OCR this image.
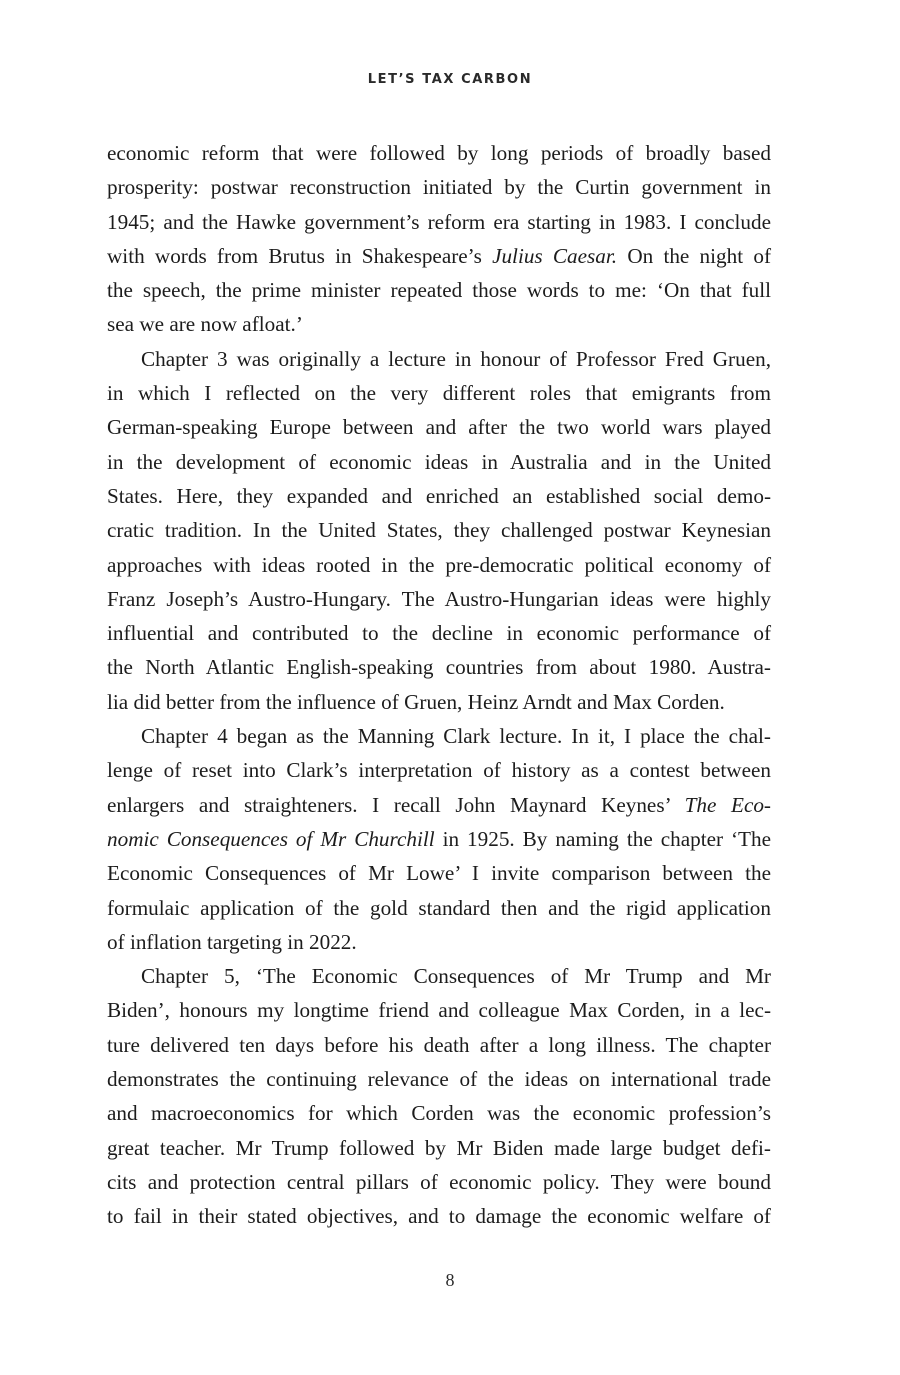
LET’S TAX CARBON

economic reform that were followed by long periods of broadly based
prosperity: postwar reconstruction initiated by the Curtin government in
1945; and the Hawke government’s reform era starting in 1983. I conclude
with words from Brutus in Shakespeare’s Julius Caesar. On the night of
the speech, the prime minister repeated those words to me: ‘On that full
sea we are now afloat.’

Chapter 3 was originally a lecture in honour of Professor Fred Gruen,
in which I reflected on the very different roles that emigrants from
German-speaking Europe between and after the two world wars played
in the development of economic ideas in Australia and in the United
States. Here, they expanded and enriched an established social demo-
cratic tradition. In the United States, they challenged postwar Keynesian
approaches with ideas rooted in the pre-democratic political economy of
Franz Joseph’s Austro-Hungary. The Austro-Hungarian ideas were highly
influential and contributed to the decline in economic performance of
the North Atlantic English-speaking countries from about 1980. Austra-
lia did better from the influence of Gruen, Heinz Arndt and Max Corden.

Chapter 4 began as the Manning Clark lecture. In it, I place the chal-
lenge of reset into Clark’s interpretation of history as a contest between
enlargers and straighteners. I recall John Maynard Keynes’ The Eco-
nomic Consequences of Mr Churchill in 1925. By naming the chapter ‘The
Economic Consequences of Mr Lowe’ I invite comparison between the
formulaic application of the gold standard then and the rigid application
of inflation targeting in 2022.

Chapter 5, ‘The Economic Consequences of Mr Trump and Mr
Biden’, honours my longtime friend and colleague Max Corden, in a lec-
ture delivered ten days before his death after a long illness. The chapter
demonstrates the continuing relevance of the ideas on international trade
and macroeconomics for which Corden was the economic profession’s
great teacher. Mr Trump followed by Mr Biden made large budget defi-
cits and protection central pillars of economic policy. They were bound
to fail in their stated objectives, and to damage the economic welfare of

8
